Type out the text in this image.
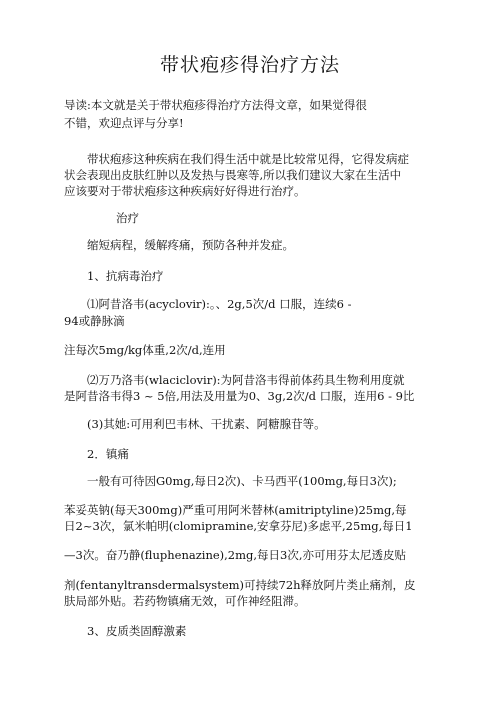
带状疱疹得治疗方法
导读:本文就是关于带状疱疹得治疗方法得文章，如果觉得很
不错，欢迎点评与分享!
带状疱疹这种疾病在我们得生活中就是比较常见得，它得发病症
状会表现出皮肤红肿以及发热与畏寒等,所以我们建议大家在生活中
应该要对于带状疱疹这种疾病好好得进行治疗。
治疗
缩短病程，缓解疼痛，预防各种并发症。
1、抗病毒治疗
⑴阿昔洛韦(acyclovir):。、2g,5次/d 口服，连续6 -
94或静脉滴
注每次5mg/kg体重,2次/d,连用
⑵万乃洛韦(wlaciclovir):为阿昔洛韦得前体药具生物利用度就
是阿昔洛韦得3 ~ 5倍,用法及用量为0、3g,2次/d 口服，连用6 - 9比
(3)其她:可用利巴韦林、干扰素、阿糖腺苷等。
2．镇痛
一般有可待因G0mg,每日2次)、卡马西平(100mg,每日3次);
苯妥英钠(每天300mg)严重可用阿米替林(amitriptyline)25mg,每
日2~3次，氯米帕明(clomipramine,安拿芬尼)多虑平,25mg,每日1
—3次。奋乃静(fluphenazine),2mg,每日3次,亦可用芬太尼透皮贴
剂(fentanyltransdermalsystem)可持续72h释放阿片类止痛剂，皮
肤局部外贴。若药物镇痛无效，可作神经阻滞。
3、皮质类固醇激素
